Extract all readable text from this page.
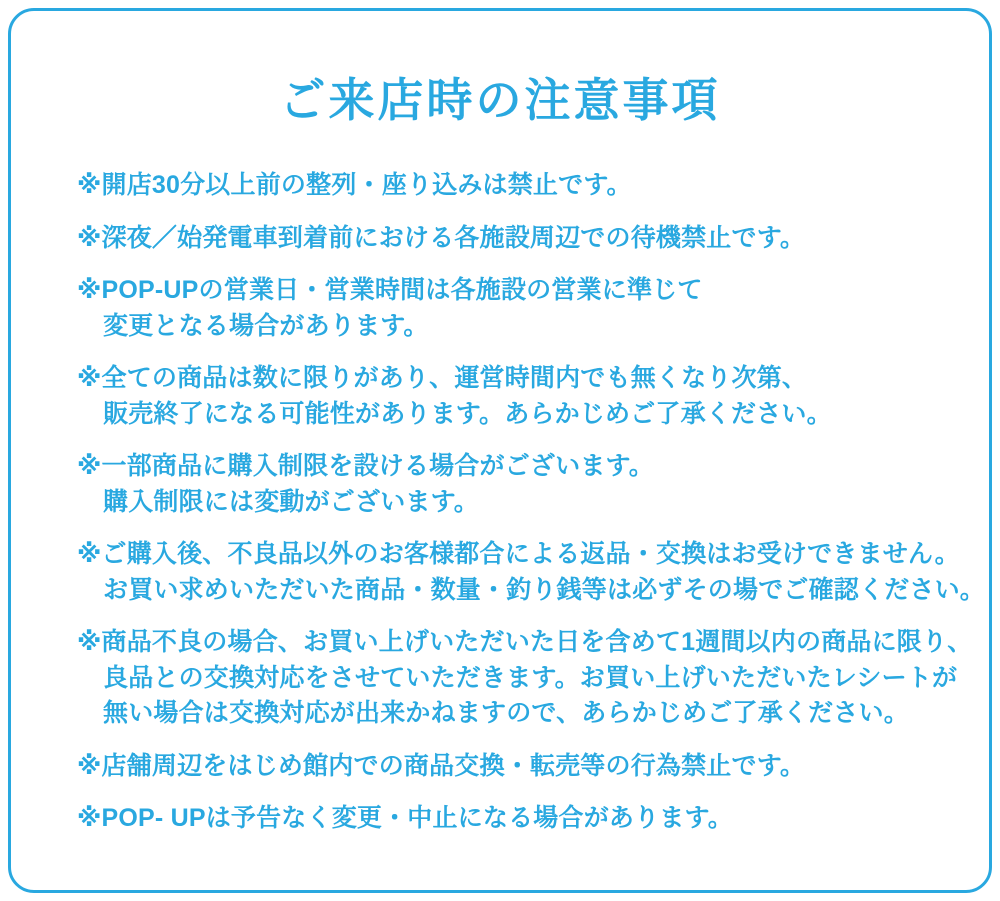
ご来店時の注意事項
※開店30分以上前の整列・座り込みは禁止です。
※深夜／始発電車到着前における各施設周辺での待機禁止です。
※POP-UPの営業日・営業時間は各施設の営業に準じて
変更となる場合があります。
※全ての商品は数に限りがあり、運営時間内でも無くなり次第、
販売終了になる可能性があります。あらかじめご了承ください。
※一部商品に購入制限を設ける場合がございます。
購入制限には変動がございます。
※ご購入後、不良品以外のお客様都合による返品・交換はお受けできません。
お買い求めいただいた商品・数量・釣り銭等は必ずその場でご確認ください。
※商品不良の場合、お買い上げいただいた日を含めて1週間以内の商品に限り、
良品との交換対応をさせていただきます。お買い上げいただいたレシートが
無い場合は交換対応が出来かねますので、あらかじめご了承ください。
※店舗周辺をはじめ館内での商品交換・転売等の行為禁止です。
※POP- UPは予告なく変更・中止になる場合があります。
